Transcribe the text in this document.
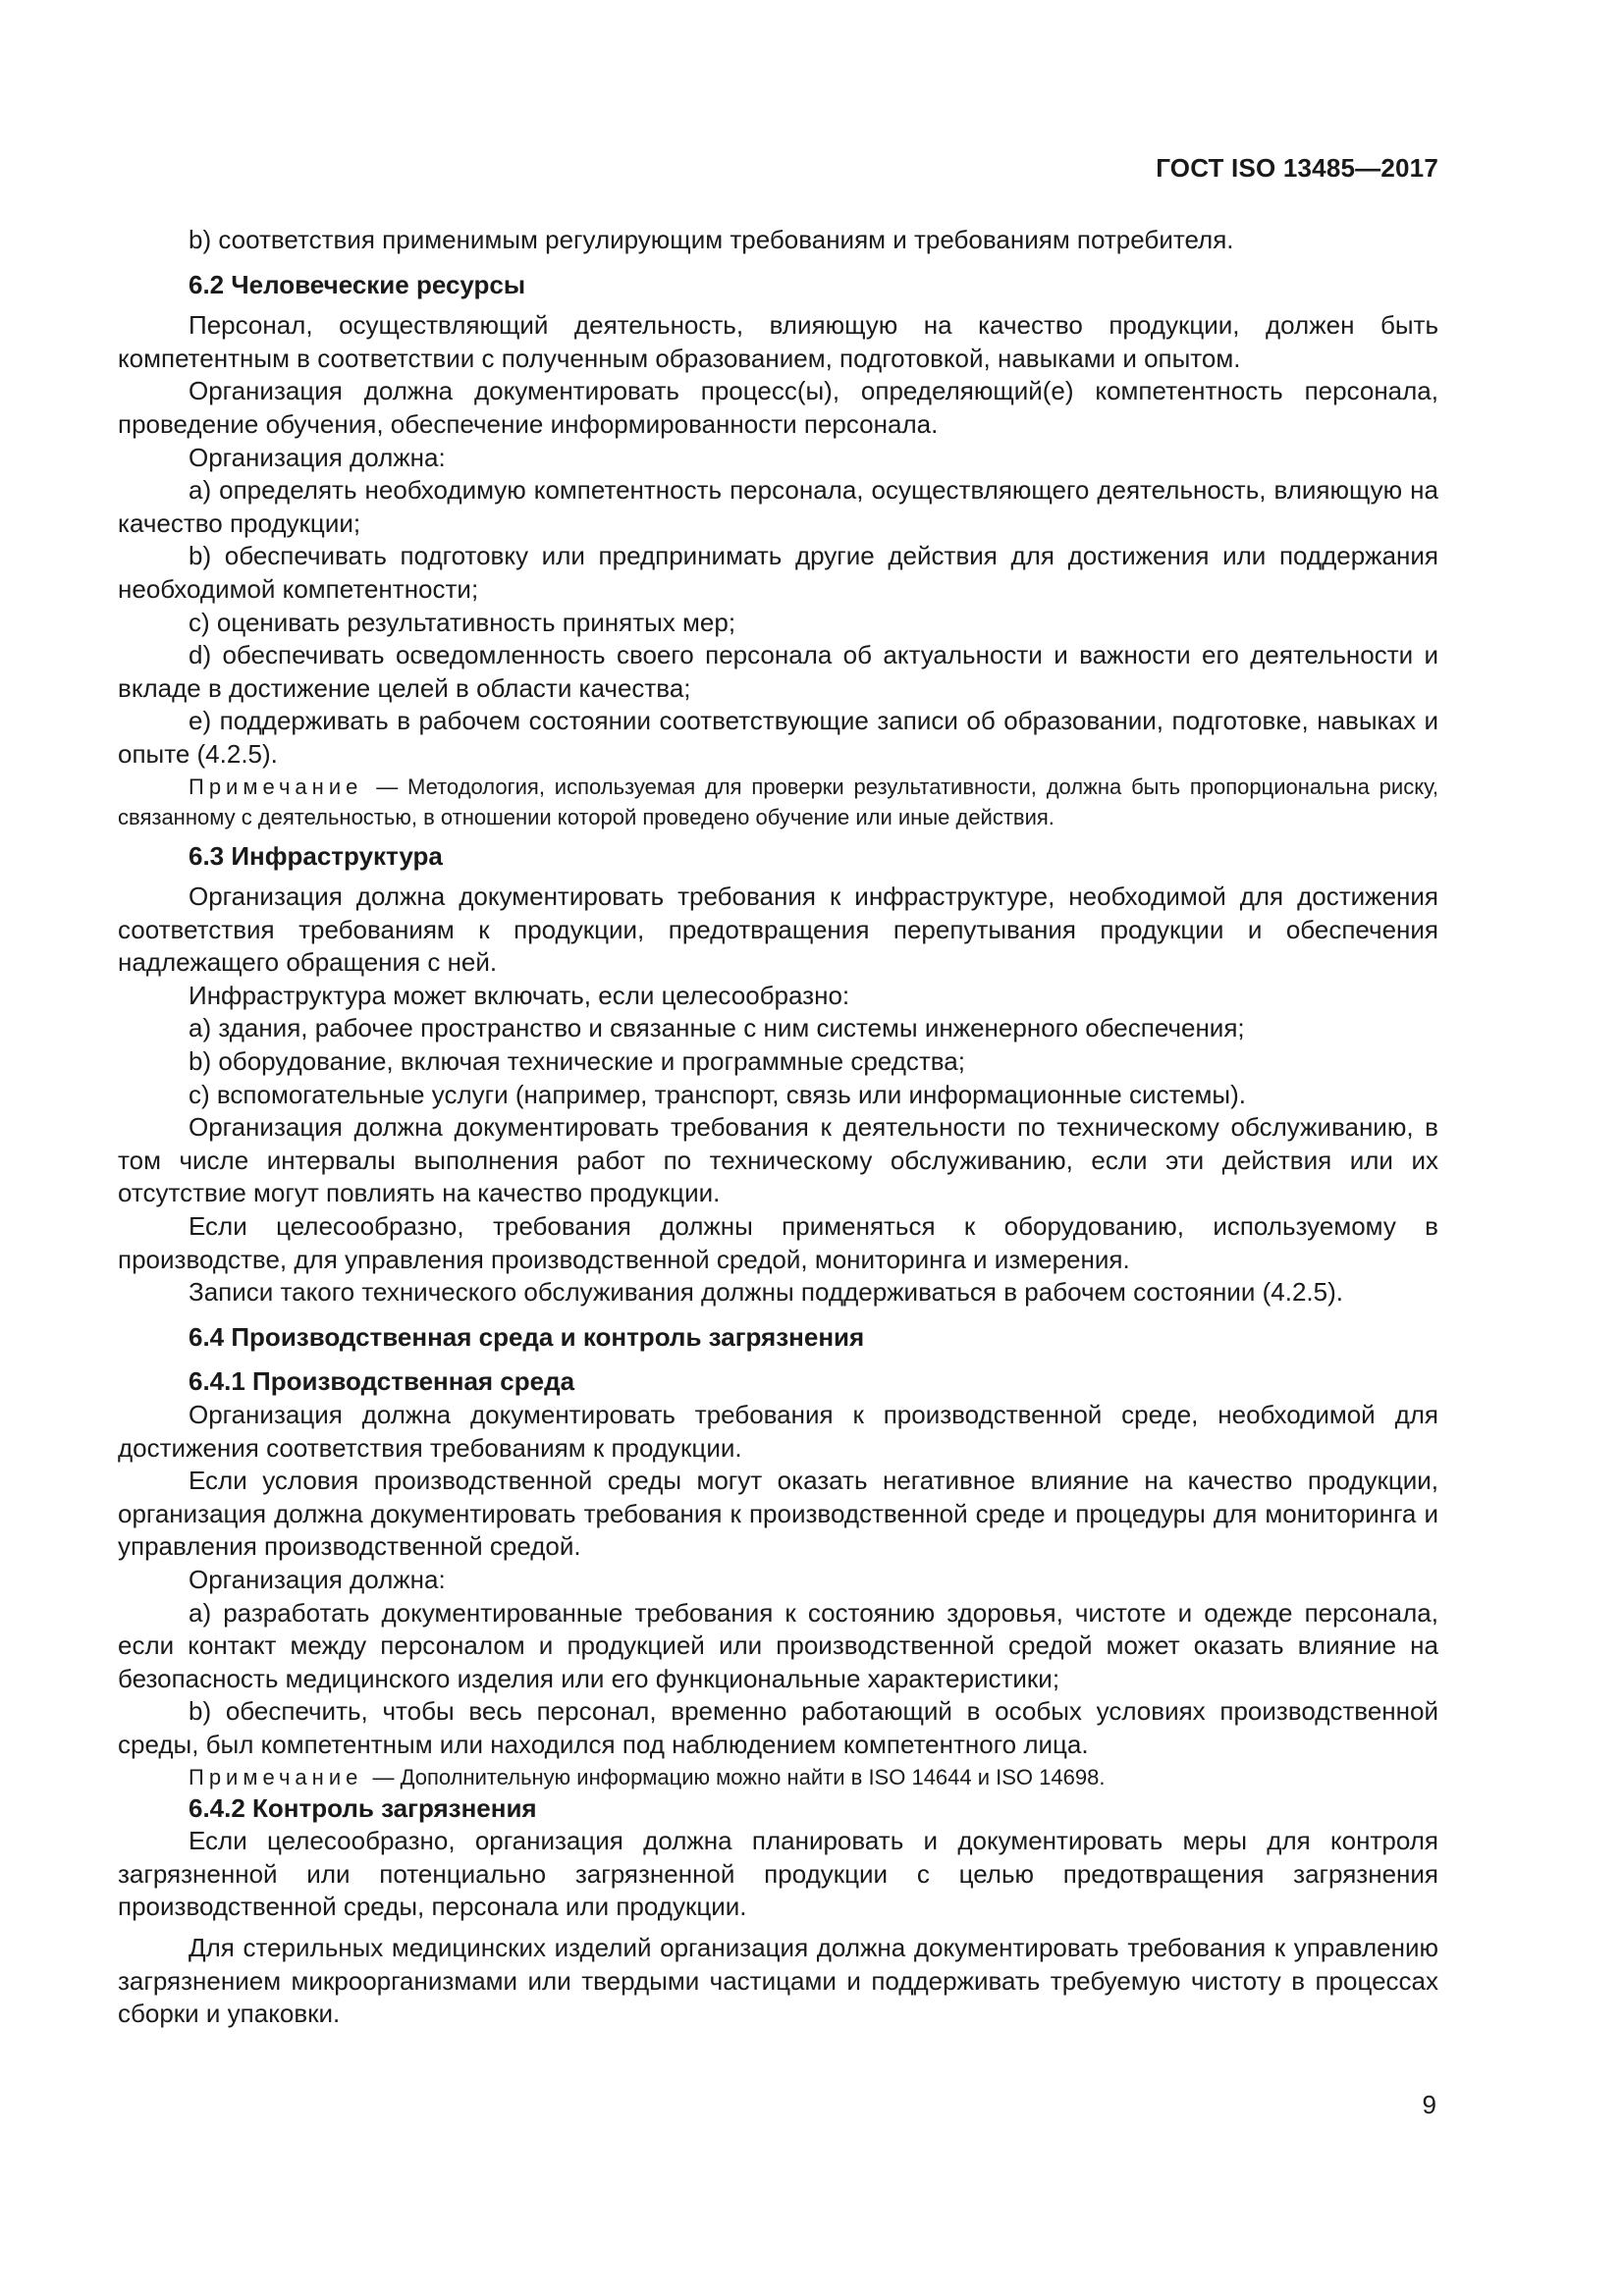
ГОСТ ISO 13485—2017

b) соответствия применимым регулирующим требованиям и требованиям потребителя.

6.2 Человеческие ресурсы

Персонал, осуществляющий деятельность, влияющую на качество продукции, должен быть компетентным в соответствии с полученным образованием, подготовкой, навыками и опытом.

Организация должна документировать процесс(ы), определяющий(е) компетентность персонала, проведение обучения, обеспечение информированности персонала.

Организация должна:

a) определять необходимую компетентность персонала, осуществляющего деятельность, влияющую на качество продукции;

b) обеспечивать подготовку или предпринимать другие действия для достижения или поддержания необходимой компетентности;

c) оценивать результативность принятых мер;

d) обеспечивать осведомленность своего персонала об актуальности и важности его деятельности и вкладе в достижение целей в области качества;

e) поддерживать в рабочем состоянии соответствующие записи об образовании, подготовке, навыках и опыте (4.2.5).

Примечание — Методология, используемая для проверки результативности, должна быть пропорциональна риску, связанному с деятельностью, в отношении которой проведено обучение или иные действия.

6.3 Инфраструктура

Организация должна документировать требования к инфраструктуре, необходимой для достижения соответствия требованиям к продукции, предотвращения перепутывания продукции и обеспечения надлежащего обращения с ней.

Инфраструктура может включать, если целесообразно:

a) здания, рабочее пространство и связанные с ним системы инженерного обеспечения;

b) оборудование, включая технические и программные средства;

c) вспомогательные услуги (например, транспорт, связь или информационные системы).

Организация должна документировать требования к деятельности по техническому обслуживанию, в том числе интервалы выполнения работ по техническому обслуживанию, если эти действия или их отсутствие могут повлиять на качество продукции.

Если целесообразно, требования должны применяться к оборудованию, используемому в производстве, для управления производственной средой, мониторинга и измерения.

Записи такого технического обслуживания должны поддерживаться в рабочем состоянии (4.2.5).

6.4 Производственная среда и контроль загрязнения

6.4.1 Производственная среда

Организация должна документировать требования к производственной среде, необходимой для достижения соответствия требованиям к продукции.

Если условия производственной среды могут оказать негативное влияние на качество продукции, организация должна документировать требования к производственной среде и процедуры для мониторинга и управления производственной средой.

Организация должна:

a) разработать документированные требования к состоянию здоровья, чистоте и одежде персонала, если контакт между персоналом и продукцией или производственной средой может оказать влияние на безопасность медицинского изделия или его функциональные характеристики;

b) обеспечить, чтобы весь персонал, временно работающий в особых условиях производственной среды, был компетентным или находился под наблюдением компетентного лица.

Примечание — Дополнительную информацию можно найти в ISO 14644 и ISO 14698.

6.4.2 Контроль загрязнения

Если целесообразно, организация должна планировать и документировать меры для контроля загрязненной или потенциально загрязненной продукции с целью предотвращения загрязнения производственной среды, персонала или продукции.

Для стерильных медицинских изделий организация должна документировать требования к управлению загрязнением микроорганизмами или твердыми частицами и поддерживать требуемую чистоту в процессах сборки и упаковки.

9
